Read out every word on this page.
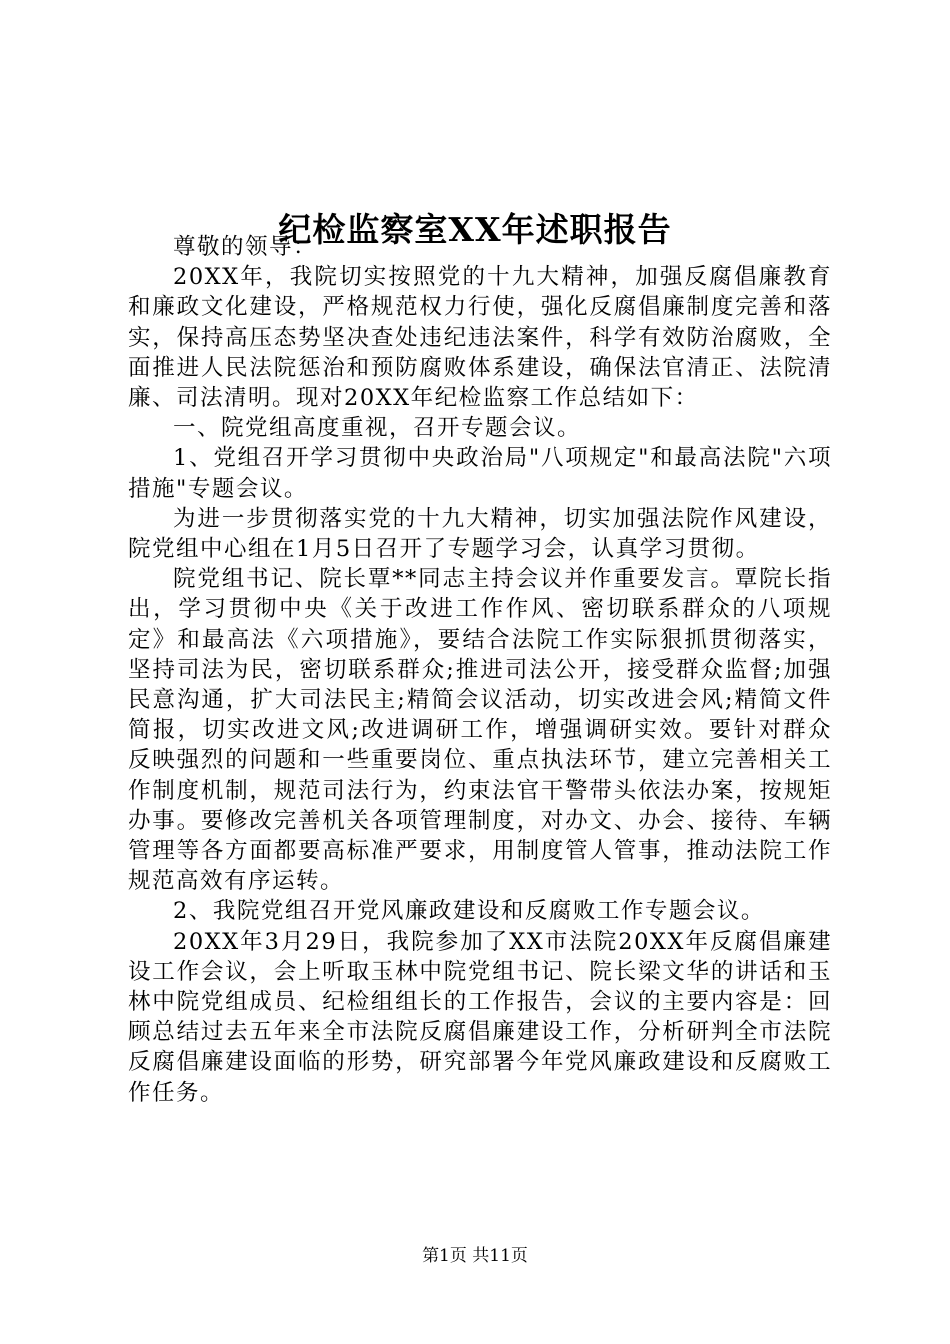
纪检监察室XX年述职报告

尊敬的领导：

20XX年，我院切实按照党的十九大精神，加强反腐倡廉教育和廉政文化建设，严格规范权力行使，强化反腐倡廉制度完善和落实，保持高压态势坚决查处违纪违法案件，科学有效防治腐败，全面推进人民法院惩治和预防腐败体系建设，确保法官清正、法院清廉、司法清明。现对20XX年纪检监察工作总结如下：

一、院党组高度重视，召开专题会议。

1、党组召开学习贯彻中央政治局"八项规定"和最高法院"六项措施"专题会议。

为进一步贯彻落实党的十九大精神，切实加强法院作风建设，院党组中心组在1月5日召开了专题学习会，认真学习贯彻。

院党组书记、院长覃**同志主持会议并作重要发言。覃院长指出，学习贯彻中央《关于改进工作作风、密切联系群众的八项规定》和最高法《六项措施》，要结合法院工作实际狠抓贯彻落实，坚持司法为民，密切联系群众;推进司法公开，接受群众监督;加强民意沟通，扩大司法民主;精简会议活动，切实改进会风;精简文件简报，切实改进文风;改进调研工作，增强调研实效。要针对群众反映强烈的问题和一些重要岗位、重点执法环节，建立完善相关工作制度机制，规范司法行为，约束法官干警带头依法办案，按规矩办事。要修改完善机关各项管理制度，对办文、办会、接待、车辆管理等各方面都要高标准严要求，用制度管人管事，推动法院工作规范高效有序运转。

2、我院党组召开党风廉政建设和反腐败工作专题会议。

20XX年3月29日，我院参加了XX市法院20XX年反腐倡廉建设工作会议，会上听取玉林中院党组书记、院长梁文华的讲话和玉林中院党组成员、纪检组组长的工作报告，会议的主要内容是：回顾总结过去五年来全市法院反腐倡廉建设工作，分析研判全市法院反腐倡廉建设面临的形势，研究部署今年党风廉政建设和反腐败工作任务。

第1页 共11页
